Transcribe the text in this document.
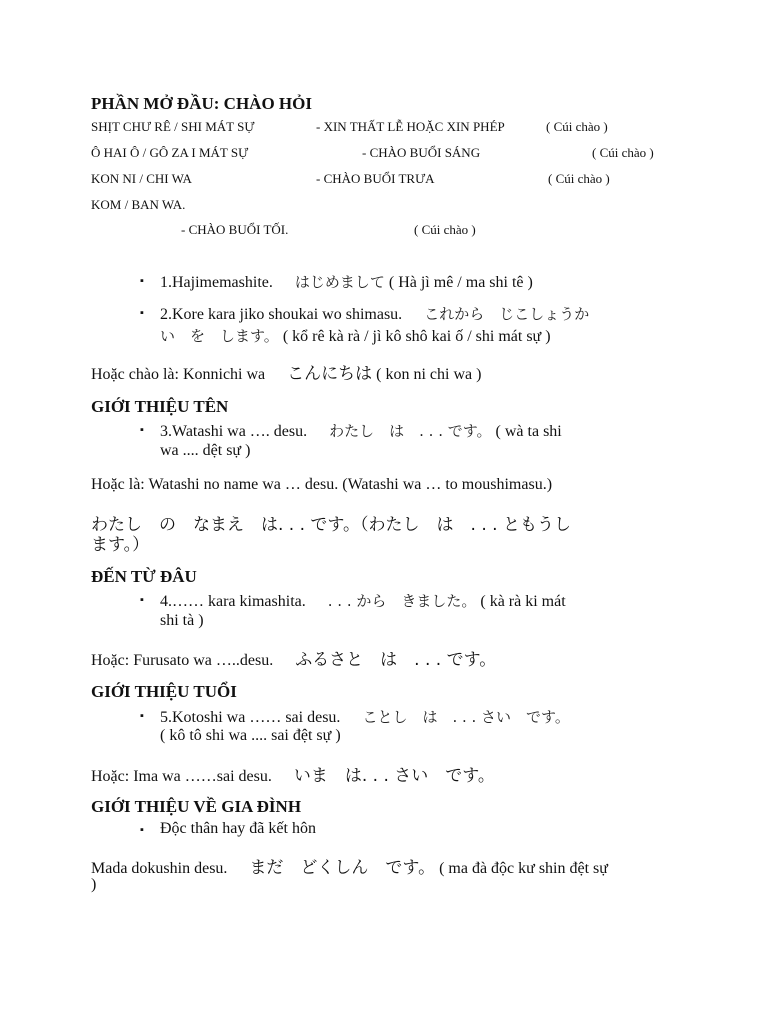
PHẦN MỞ ĐẦU: CHÀO HỎI
SHỊT CHƯ RÊ / SHI MÁT SỰ	- XIN THẤT LỄ HOẶC XIN PHÉP	( Cúi chào )
Ô HAI Ô / GÔ ZA I MÁT SỰ	- CHÀO BUỔI SÁNG	( Cúi chào )
KON NI / CHI WA	- CHÀO BUỔI TRƯA	( Cúi chào )
KOM / BAN WA.
- CHÀO BUỔI TỐI.	( Cúi chào )
▪ 1.Hajimemashite. はじめまして ( Hà jì mê / ma shi tê )
▪ 2.Kore kara jiko shoukai wo shimasu. これから　じこしょうか
い　を　します。 ( kổ rê kà rà / jì kô shô kai ố / shi mát sự )
Hoặc chào là: Konnichi wa こんにちは ( kon ni chi wa )
GIỚI THIỆU TÊN
▪ 3.Watashi wa …. desu. わたし　は　. . . です。 ( wà ta shi
wa .... dệt sự )
Hoặc là: Watashi no name wa … desu. (Watashi wa … to moushimasu.)
わたし　の　なまえ　は. . . です。（わたし　は　. . . ともうし
ます。）
ĐẾN TỪ ĐÂU
▪ 4.…… kara kimashita. . . . から　きました。 ( kà rà ki mát
shi tà )
Hoặc: Furusato wa …..desu. ふるさと　は　. . . です。
GIỚI THIỆU TUỔI
▪ 5.Kotoshi wa …… sai desu. ことし　は　. . . さい　です。
( kô tô shi wa .... sai đệt sự )
Hoặc: Ima wa ……sai desu. いま　は. . . さい　です。
GIỚI THIỆU VỀ GIA ĐÌNH
▪ Độc thân hay đã kết hôn
Mada dokushin desu. まだ　どくしん　です。 ( ma đà độc kư shin đệt sự
)
